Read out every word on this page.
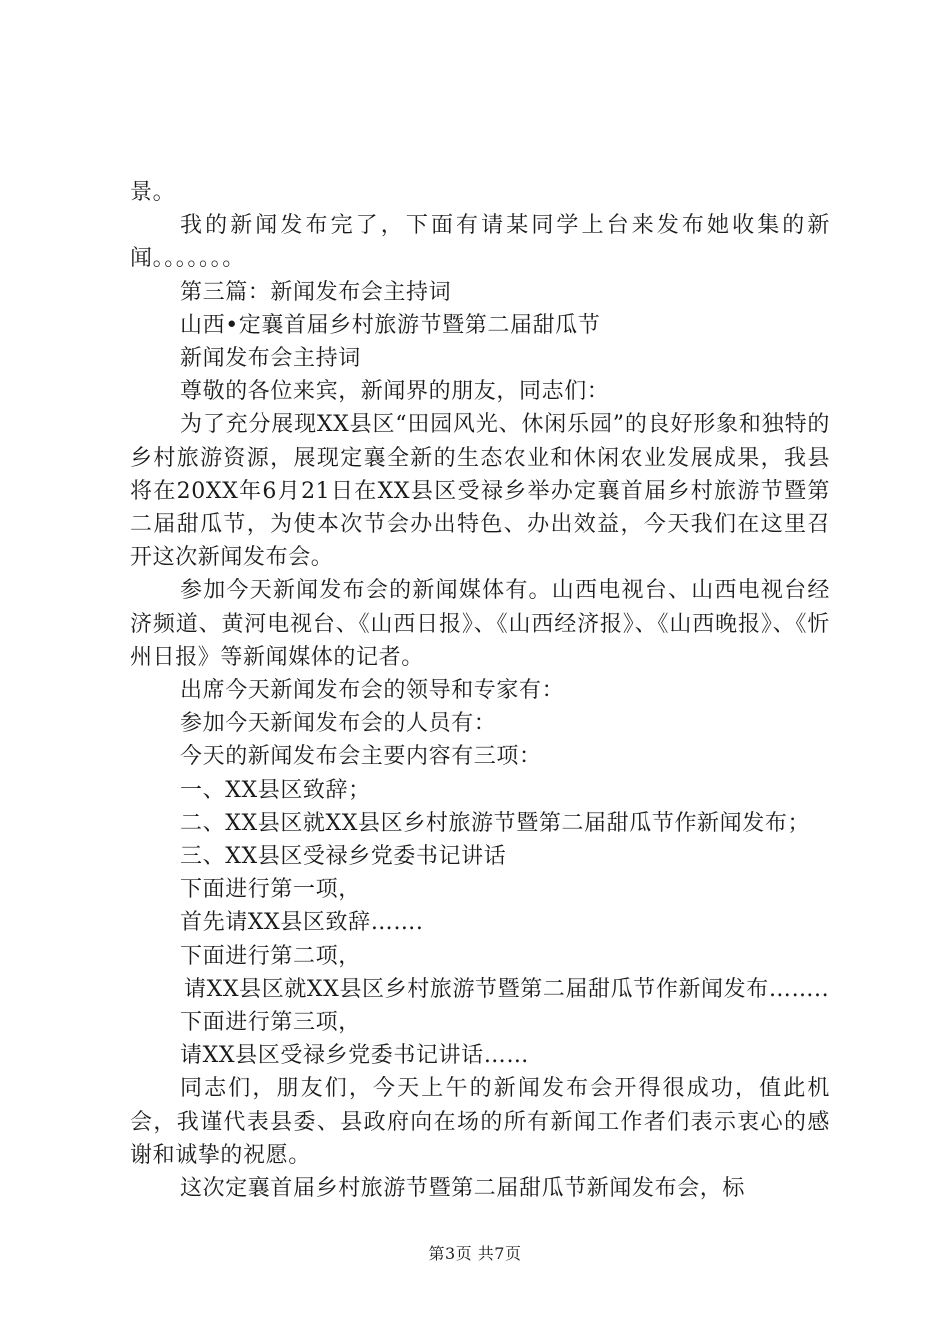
景。

我的新闻发布完了，下面有请某同学上台来发布她收集的新闻。。。。。。。

第三篇：新闻发布会主持词

山西•定襄首届乡村旅游节暨第二届甜瓜节

新闻发布会主持词

尊敬的各位来宾，新闻界的朋友，同志们：

为了充分展现XX县区“田园风光、休闲乐园”的良好形象和独特的乡村旅游资源，展现定襄全新的生态农业和休闲农业发展成果，我县将在20XX年6月21日在XX县区受禄乡举办定襄首届乡村旅游节暨第二届甜瓜节，为使本次节会办出特色、办出效益，今天我们在这里召开这次新闻发布会。

参加今天新闻发布会的新闻媒体有。山西电视台、山西电视台经济频道、黄河电视台、《山西日报》、《山西经济报》、《山西晚报》、《忻州日报》等新闻媒体的记者。

出席今天新闻发布会的领导和专家有：

参加今天新闻发布会的人员有：

今天的新闻发布会主要内容有三项：

一、XX县区致辞；

二、XX县区就XX县区乡村旅游节暨第二届甜瓜节作新闻发布；

三、XX县区受禄乡党委书记讲话

下面进行第一项，

首先请XX县区致辞…….

下面进行第二项，

请XX县区就XX县区乡村旅游节暨第二届甜瓜节作新闻发布……..

下面进行第三项，

请XX县区受禄乡党委书记讲话……

同志们，朋友们，今天上午的新闻发布会开得很成功，值此机会，我谨代表县委、县政府向在场的所有新闻工作者们表示衷心的感谢和诚挚的祝愿。

这次定襄首届乡村旅游节暨第二届甜瓜节新闻发布会，标

第3页 共7页
